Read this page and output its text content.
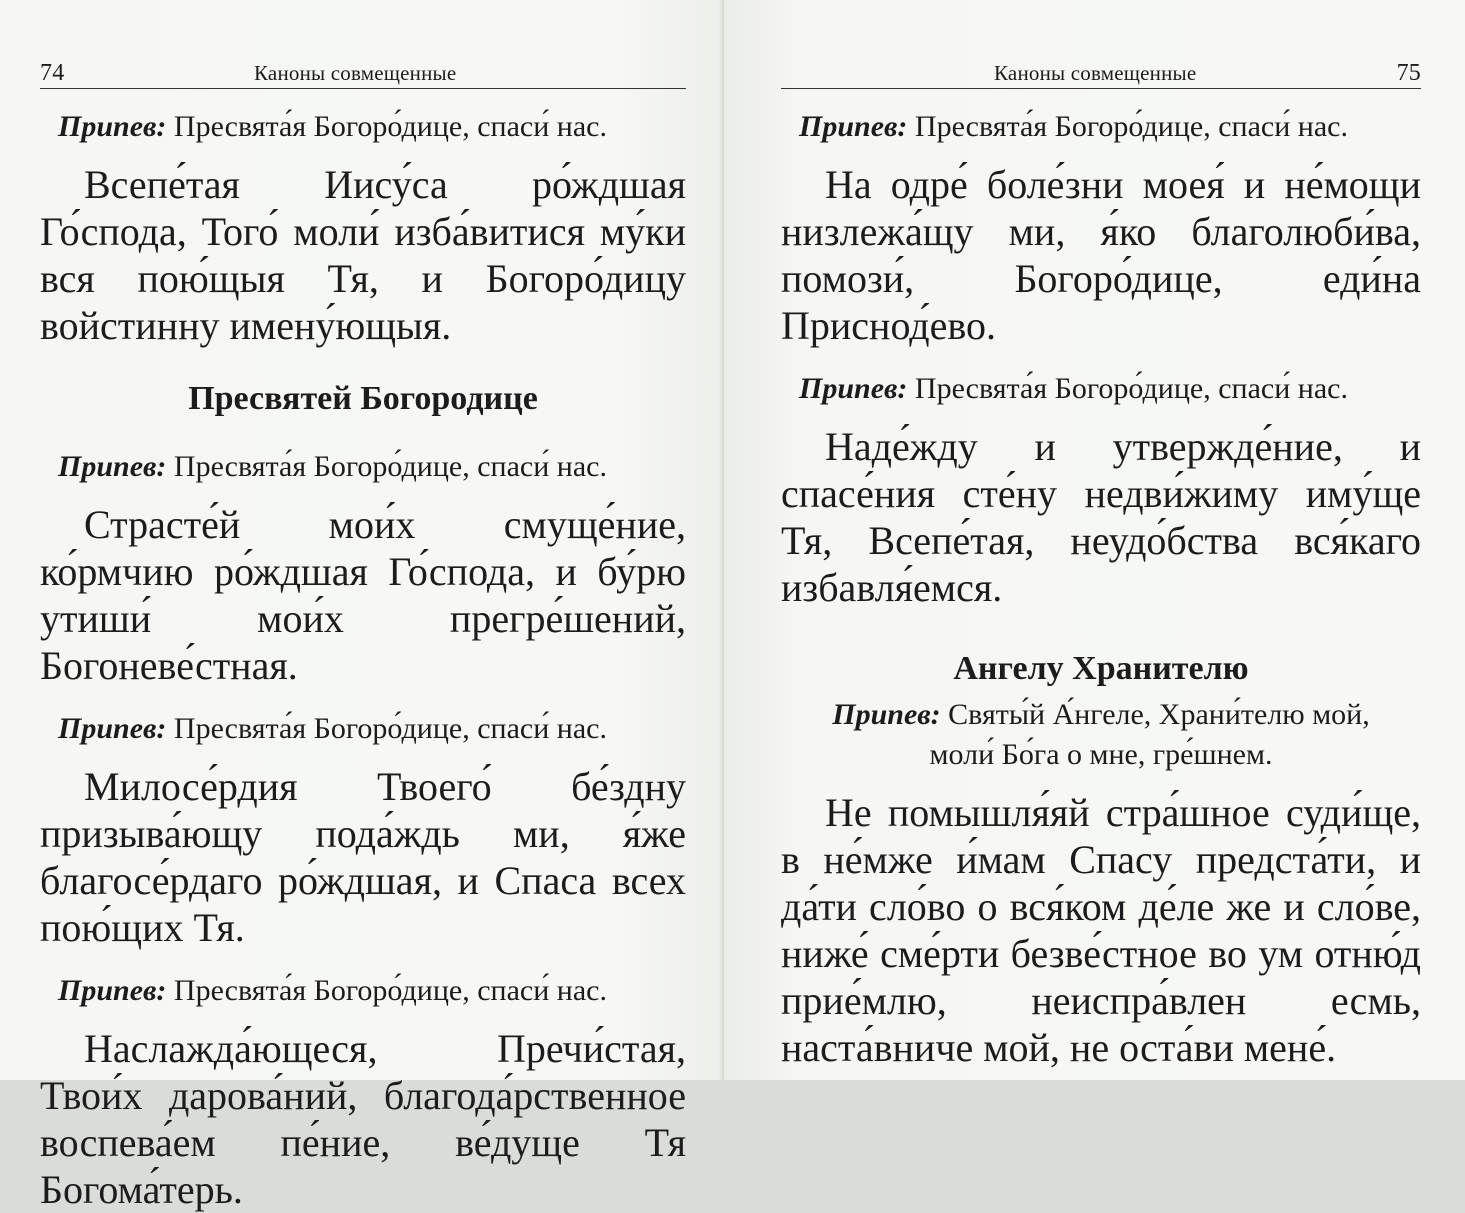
74	Каноны совмещенные

Припев: Пресвята́я Богоро́дице, спаси́ нас.

Всепе́тая Иису́са ро́ждшая Го́спода, Того́ моли́ изба́витися му́ки вся пою́щыя Тя, и Богоро́дицу войстинну имену́ющыя.

Пресвятей Богородице

Припев: Пресвята́я Богоро́дице, спаси́ нас.

Страсте́й мои́х смуще́ние, ко́рмчию ро́ждшая Го́спода, и бу́рю утиши́ мои́х прегре́шений, Богоневе́стная.

Припев: Пресвята́я Богоро́дице, спаси́ нас.

Милосе́рдия Твоего́ бе́здну призыва́ющу пода́ждь ми, я́же благосе́рдаго ро́ждшая, и Спаса всех пою́щих Тя.

Припев: Пресвята́я Богоро́дице, спаси́ нас.

Наслажда́ющеся, Пречи́стая, Твои́х дарова́ний, благода́рственное воспева́ем пе́ние, ве́дуще Тя Богома́терь.

Каноны совмещенные	75

Припев: Пресвята́я Богоро́дице, спаси́ нас.

На одре́ боле́зни моея́ и не́мощи низлежа́щу ми, я́ко благолюби́ва, помози́, Богоро́дице, еди́на Приснод́ево.

Припев: Пресвята́я Богоро́дице, спаси́ нас.

Наде́жду и утвержде́ние, и спасе́ния сте́ну недви́жиму иму́ще Тя, Всепе́тая, неудо́бства вся́каго избавля́емся.

Ангелу Хранителю

Припев: Святы́й А́нгеле, Храни́телю мой,
моли́ Бо́га о мне, гре́шнем.

Не помышля́яй стра́шное суди́ще, в не́мже и́мам Спасу предста́ти, и да́ти сло́во о вся́ком де́ле же и сло́ве, ниже́ сме́рти безве́стное во ум отню́д прие́млю, неиспра́влен есмь, наста́вниче мой, не оста́ви мене́.
